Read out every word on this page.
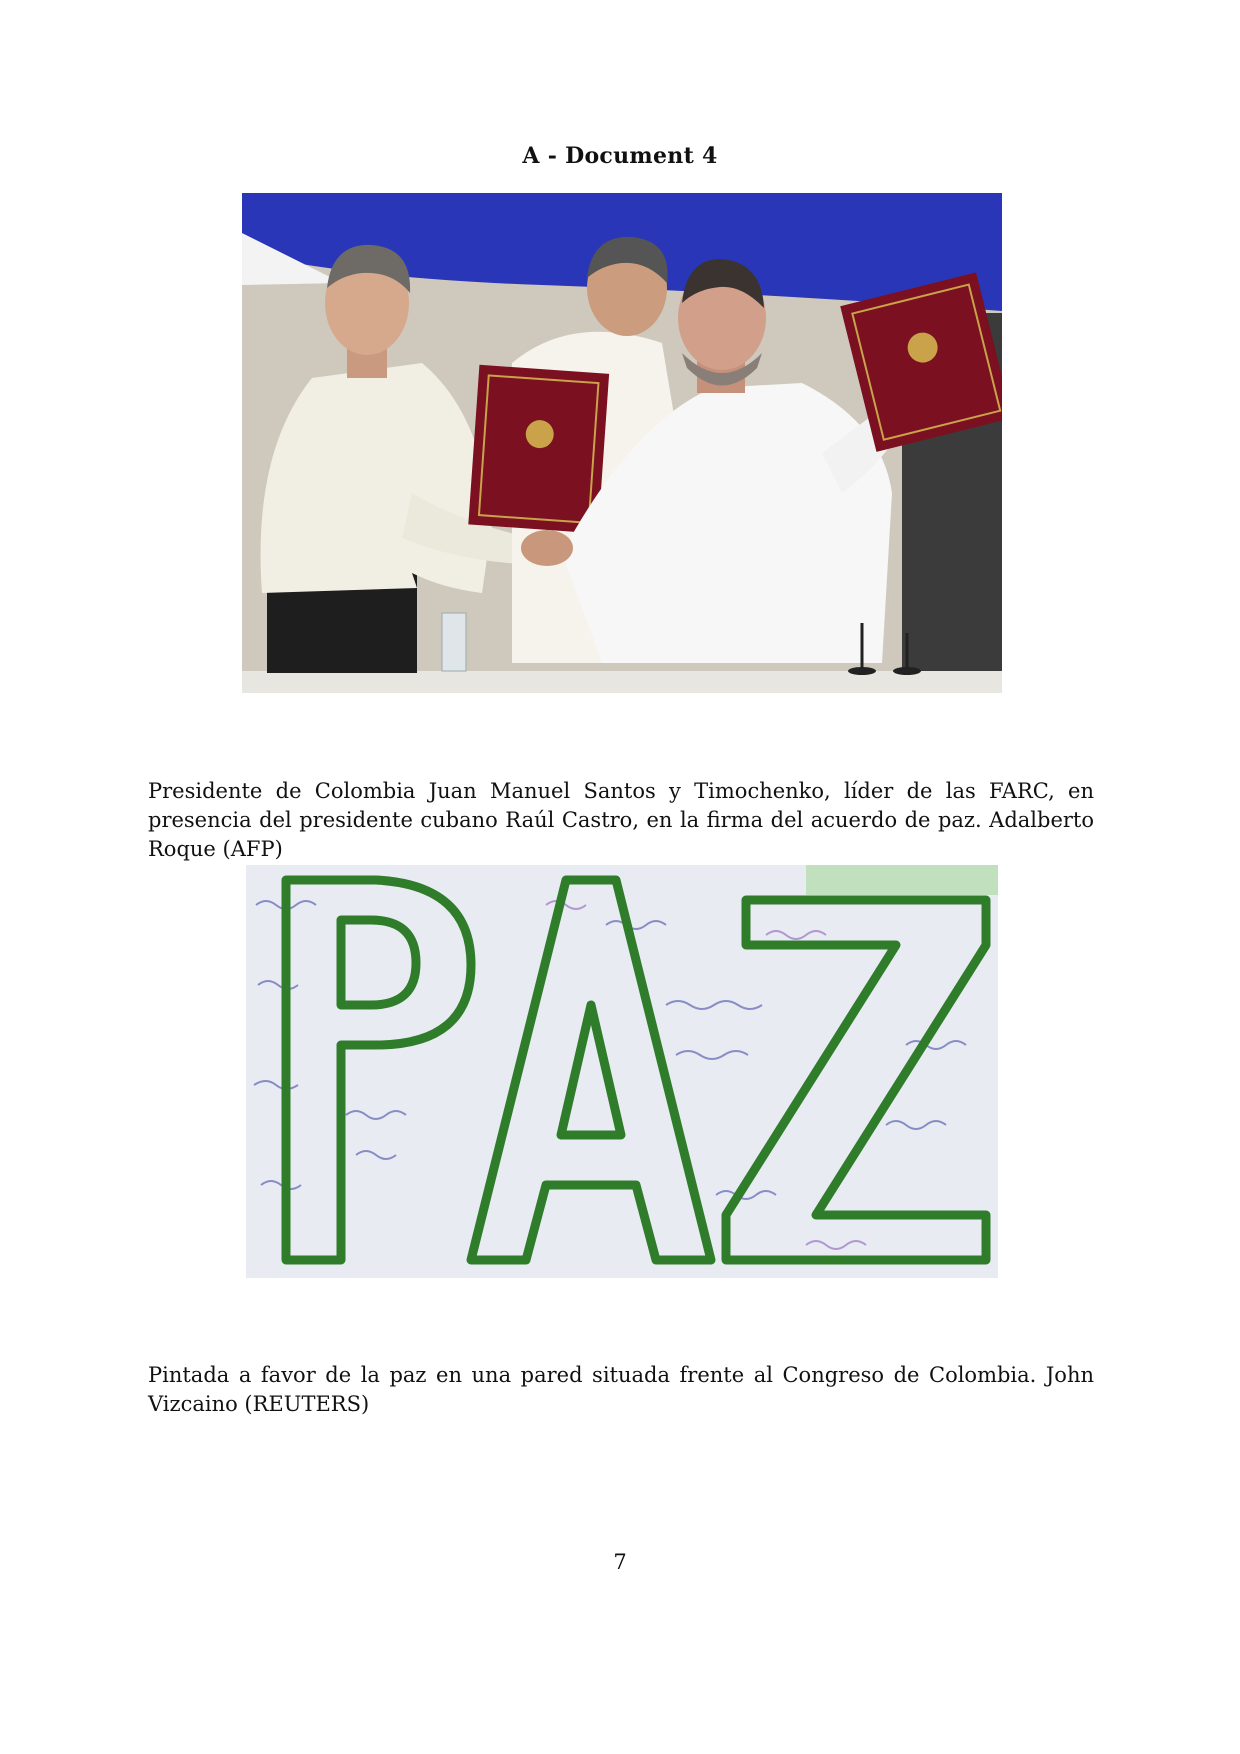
A - Document 4

Presidente de Colombia Juan Manuel Santos y Timochenko, líder de las FARC, en presencia del presidente cubano Raúl Castro, en la firma del acuerdo de paz. Adalberto Roque (AFP)

Pintada a favor de la paz en una pared situada frente al Congreso de Colombia. John Vizcaino (REUTERS)

7
